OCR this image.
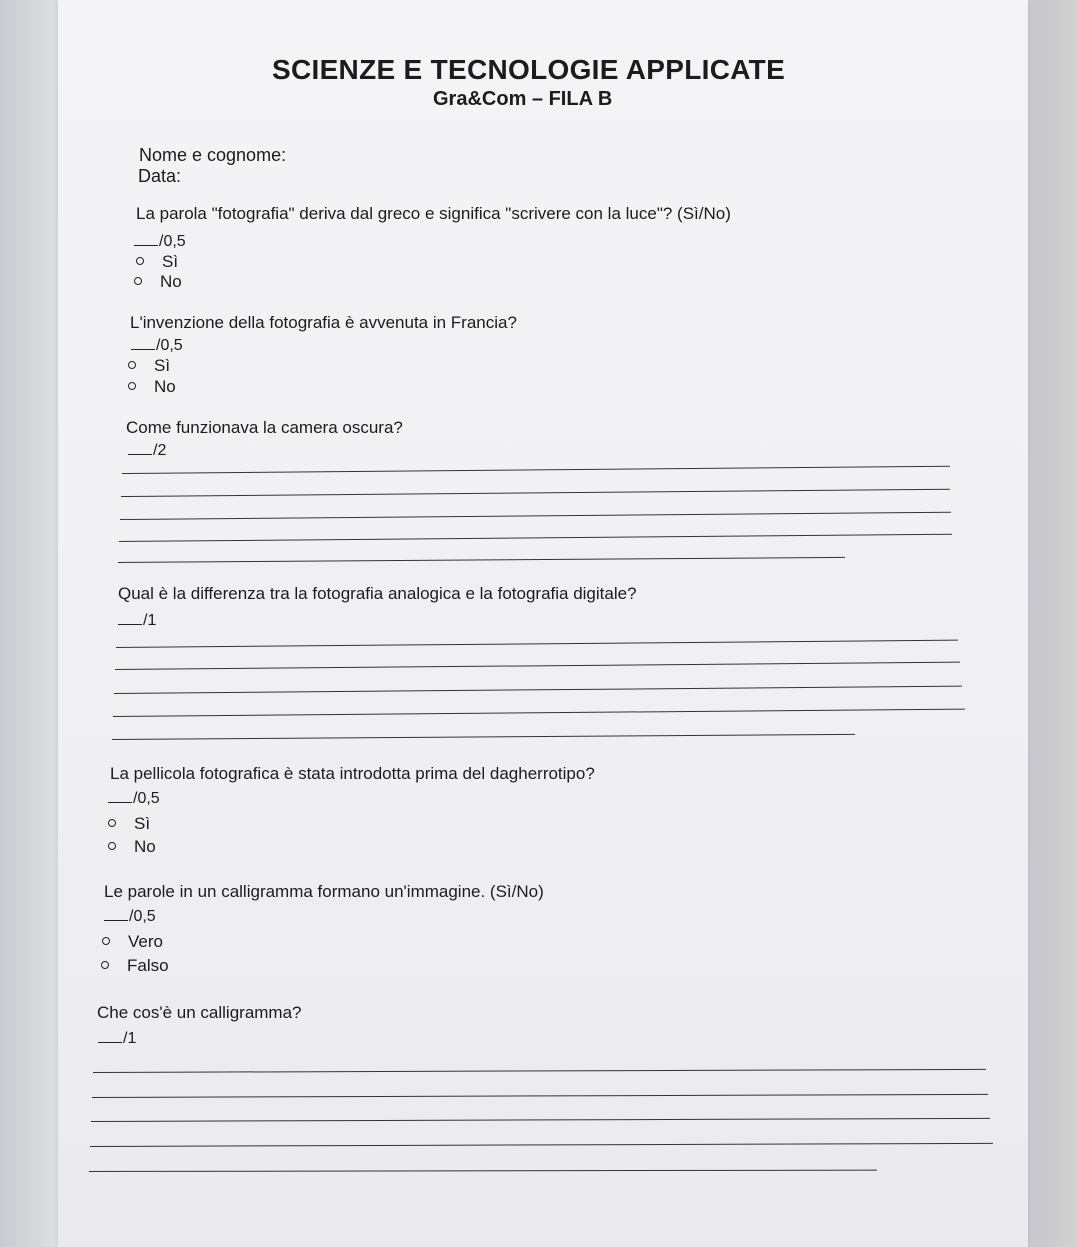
SCIENZE E TECNOLOGIE APPLICATE
Gra&Com – FILA B
Nome e cognome:
Data:
La parola "fotografia" deriva dal greco e significa "scrivere con la luce"? (Sì/No)
/0,5
Sì
No
L'invenzione della fotografia è avvenuta in Francia?
/0,5
Sì
No
Come funzionava la camera oscura?
/2
Qual è la differenza tra la fotografia analogica e la fotografia digitale?
/1
La pellicola fotografica è stata introdotta prima del dagherrotipo?
/0,5
Sì
No
Le parole in un calligramma formano un'immagine. (Sì/No)
/0,5
Vero
Falso
Che cos'è un calligramma?
/1
